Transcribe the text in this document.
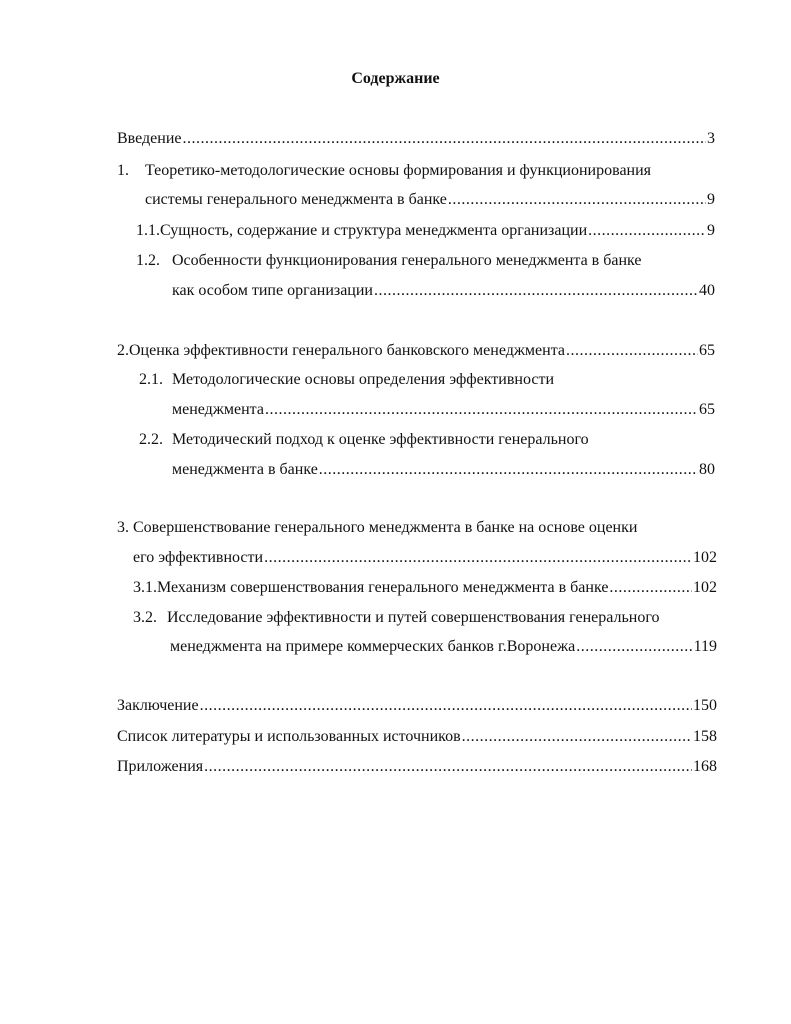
Содержание
Введение .....	3
1.	Теоретико-методологические основы формирования и функционирования
системы генерального менеджмента в банке .....	9
1.1. Сущность, содержание и структура менеджмента организации .....	9
1.2. Особенности функционирования генерального менеджмента в банке
как особом типе организации .....	40
2. Оценка эффективности генерального банковского менеджмента .....	65
2.1. Методологические основы определения эффективности
менеджмента .....	65
2.2. Методический подход к оценке эффективности генерального
менеджмента в банке .....	80
3. Совершенствование генерального менеджмента в банке на основе оценки
его эффективности .....	102
3.1. Механизм совершенствования генерального менеджмента в банке .....	102
3.2. Исследование эффективности и путей совершенствования генерального
менеджмента на примере коммерческих банков г.Воронежа .....	119
Заключение .....	150
Список литературы и использованных источников .....	158
Приложения .....	168
